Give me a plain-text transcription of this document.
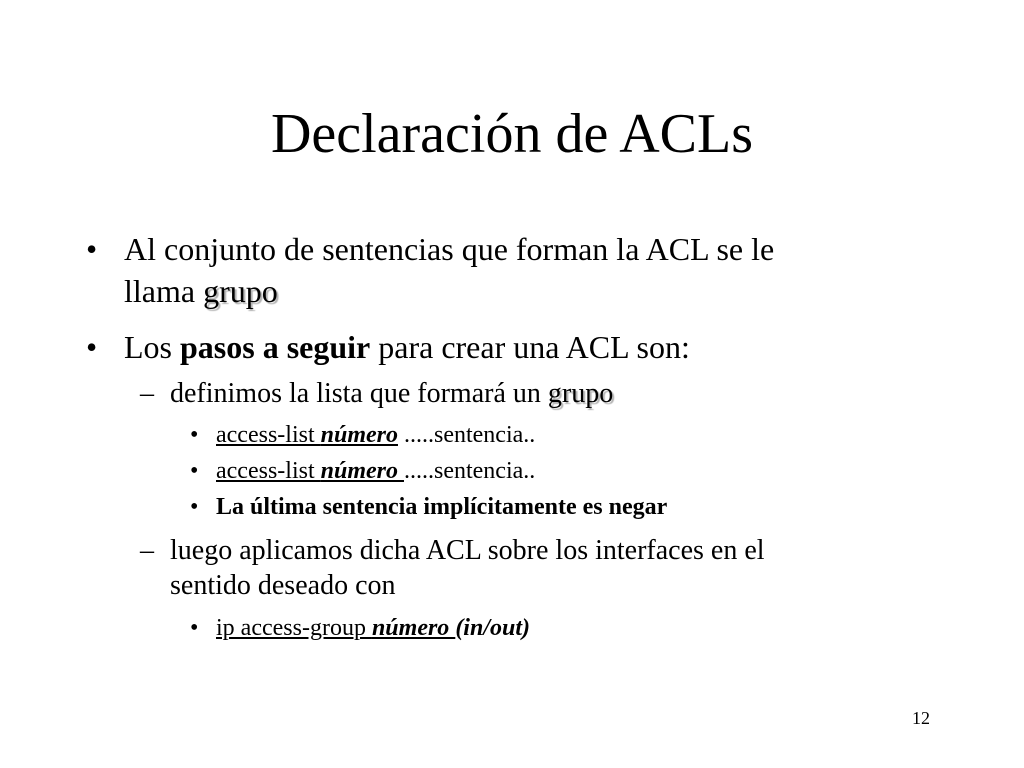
Declaración de ACLs
• Al conjunto de sentencias que forman la ACL se le
llama grupo
• Los pasos a seguir para crear una ACL son:
– definimos la lista que formará un grupo
• access-list número .....sentencia..
• access-list número .....sentencia..
• La última sentencia implícitamente es negar
– luego aplicamos dicha ACL sobre los interfaces en el
sentido deseado con
• ip access-group número (in/out)
12
